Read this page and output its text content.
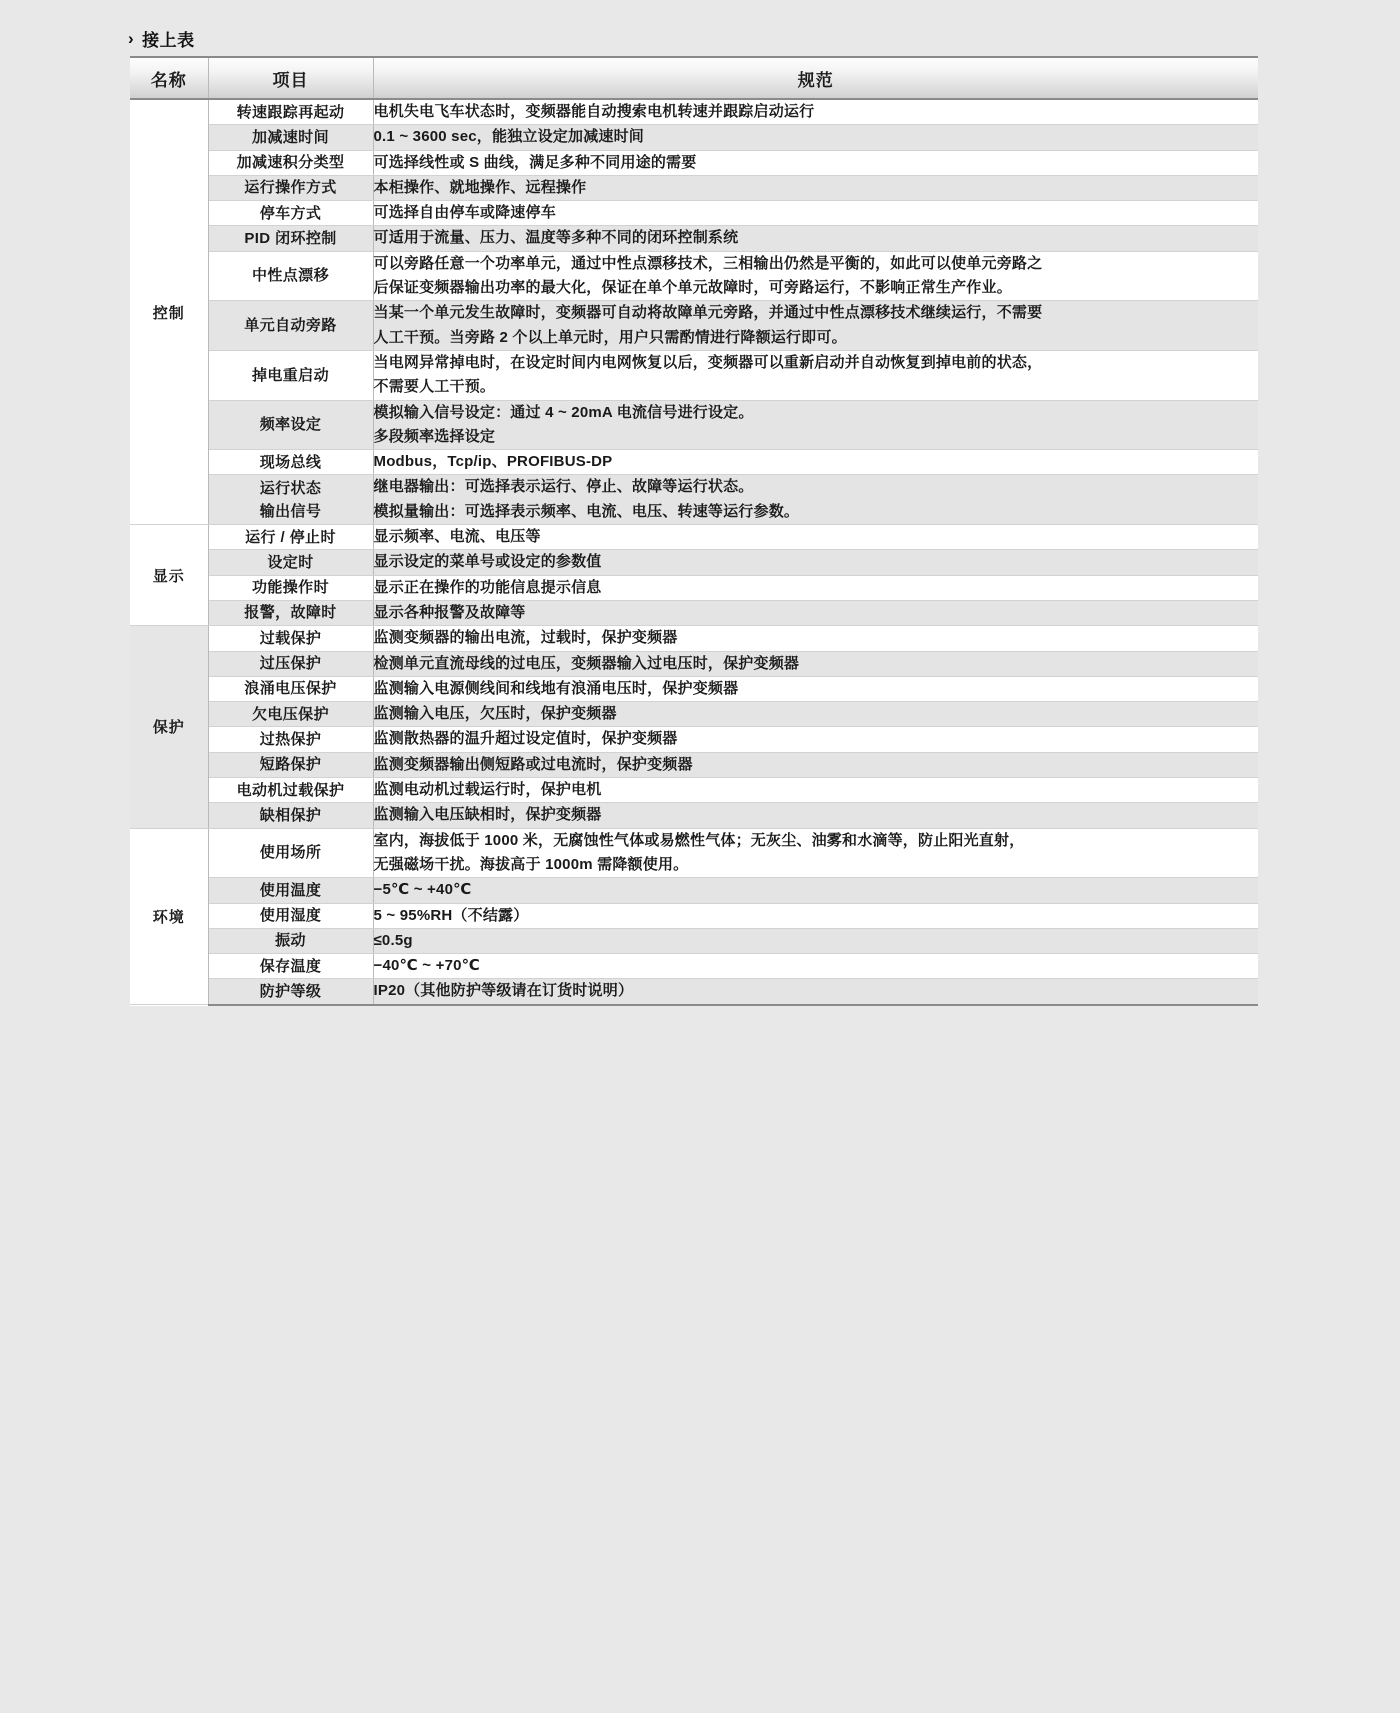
› 接上表
名称	项目	规范
控制	转速跟踪再起动	电机失电飞车状态时，变频器能自动搜索电机转速并跟踪启动运行

	加减速时间	0.1 ~ 3600 sec，能独立设定加减速时间

	加减速积分类型	可选择线性或 S 曲线，满足多种不同用途的需要

	运行操作方式	本柜操作、就地操作、远程操作

	停车方式	可选择自由停车或降速停车

	PID 闭环控制	可适用于流量、压力、温度等多种不同的闭环控制系统

	中性点漂移	可以旁路任意一个功率单元，通过中性点漂移技术，三相输出仍然是平衡的，如此可以使单元旁路之
后保证变频器输出功率的最大化，保证在单个单元故障时，可旁路运行，不影响正常生产作业。

	单元自动旁路	当某一个单元发生故障时，变频器可自动将故障单元旁路，并通过中性点漂移技术继续运行，不需要
人工干预。当旁路 2 个以上单元时，用户只需酌情进行降额运行即可。

	掉电重启动	当电网异常掉电时，在设定时间内电网恢复以后，变频器可以重新启动并自动恢复到掉电前的状态，
不需要人工干预。

	频率设定	模拟输入信号设定：通过 4 ~ 20mA 电流信号进行设定。
多段频率选择设定

	现场总线	Modbus，Tcp/ip、PROFIBUS-DP

	运行状态
输出信号	继电器输出：可选择表示运行、停止、故障等运行状态。
模拟量输出：可选择表示频率、电流、电压、转速等运行参数。

显示	运行 / 停止时	显示频率、电流、电压等

	设定时	显示设定的菜单号或设定的参数值

	功能操作时	显示正在操作的功能信息提示信息

	报警，故障时	显示各种报警及故障等

保护	过载保护	监测变频器的输出电流，过载时，保护变频器

	过压保护	检测单元直流母线的过电压，变频器输入过电压时，保护变频器

	浪涌电压保护	监测输入电源侧线间和线地有浪涌电压时，保护变频器

	欠电压保护	监测输入电压，欠压时，保护变频器

	过热保护	监测散热器的温升超过设定值时，保护变频器

	短路保护	监测变频器输出侧短路或过电流时，保护变频器

	电动机过载保护	监测电动机过载运行时，保护电机

	缺相保护	监测输入电压缺相时，保护变频器

环境	使用场所	室内，海拔低于 1000 米，无腐蚀性气体或易燃性气体；无灰尘、油雾和水滴等，防止阳光直射，
无强磁场干扰。海拔高于 1000m 需降额使用。

	使用温度	−5℃ ~ +40℃

	使用湿度	5 ~ 95%RH（不结露）

	振动	≤0.5g

	保存温度	−40℃ ~ +70℃

	防护等级	IP20（其他防护等级请在订货时说明）
